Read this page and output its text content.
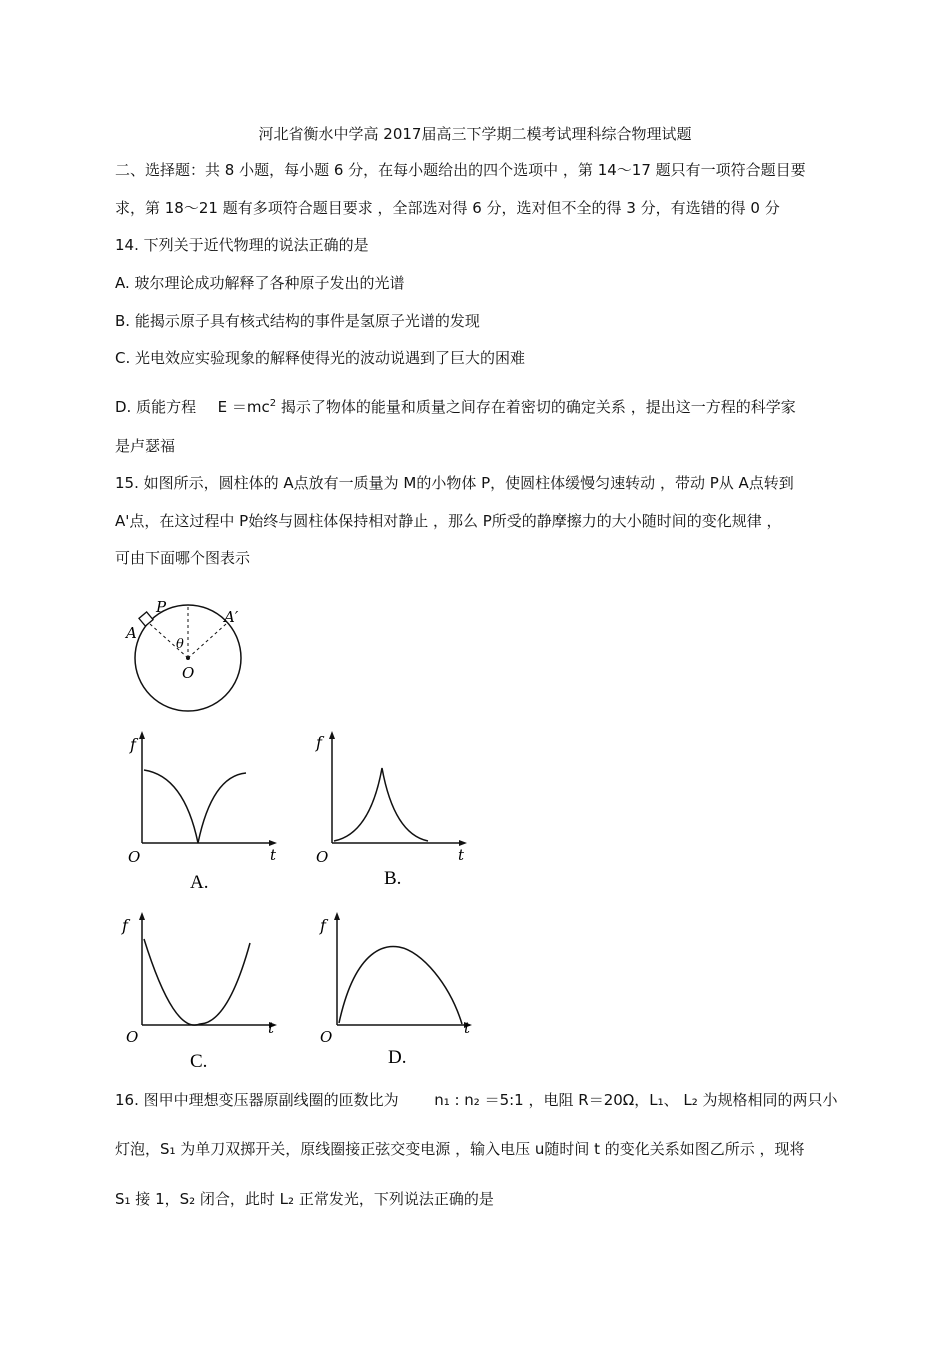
河北省衡水中学高 2017届高三下学期二模考试理科综合物理试题
二、选择题：共 8 小题，每小题 6 分，在每小题给出的四个选项中 ，第 14～17 题只有一项符合题目要
求，第 18～21 题有多项符合题目要求 ，全部选对得 6 分，选对但不全的得 3 分，有选错的得 0 分
14. 下列关于近代物理的说法正确的是
A. 玻尔理论成功解释了各种原子发出的光谱
B. 能揭示原子具有核式结构的事件是氢原子光谱的发现
C. 光电效应实验现象的解释使得光的波动说遇到了巨大的困难
D. 质能方程 $E =mc^2$ 揭示了物体的能量和质量之间存在着密切的确定关系 ，提出这一方程的科学家
是卢瑟福
15. 如图所示，圆柱体的 A点放有一质量为 M的小物体 P，使圆柱体缓慢匀速转动 ，带动 P从 A点转到
A'点，在这过程中 P始终与圆柱体保持相对静止 ，那么 P所受的静摩擦力的大小随时间的变化规律 ，
可由下面哪个图表示
P
A
A′
θ
O
f
t
O
A.
f
t
O
B.
f
t
O
C.
f
t
O
D.
16. 图甲中理想变压器原副线圈的匝数比为 n₁ : n₂ ＝5:1 ，电阻 R＝20Ω，L₁、 L₂ 为规格相同的两只小
灯泡，S₁ 为单刀双掷开关，原线圈接正弦交变电源 ，输入电压 u随时间 t 的变化关系如图乙所示 ，现将
S₁ 接 1，S₂ 闭合，此时 L₂ 正常发光，下列说法正确的是
